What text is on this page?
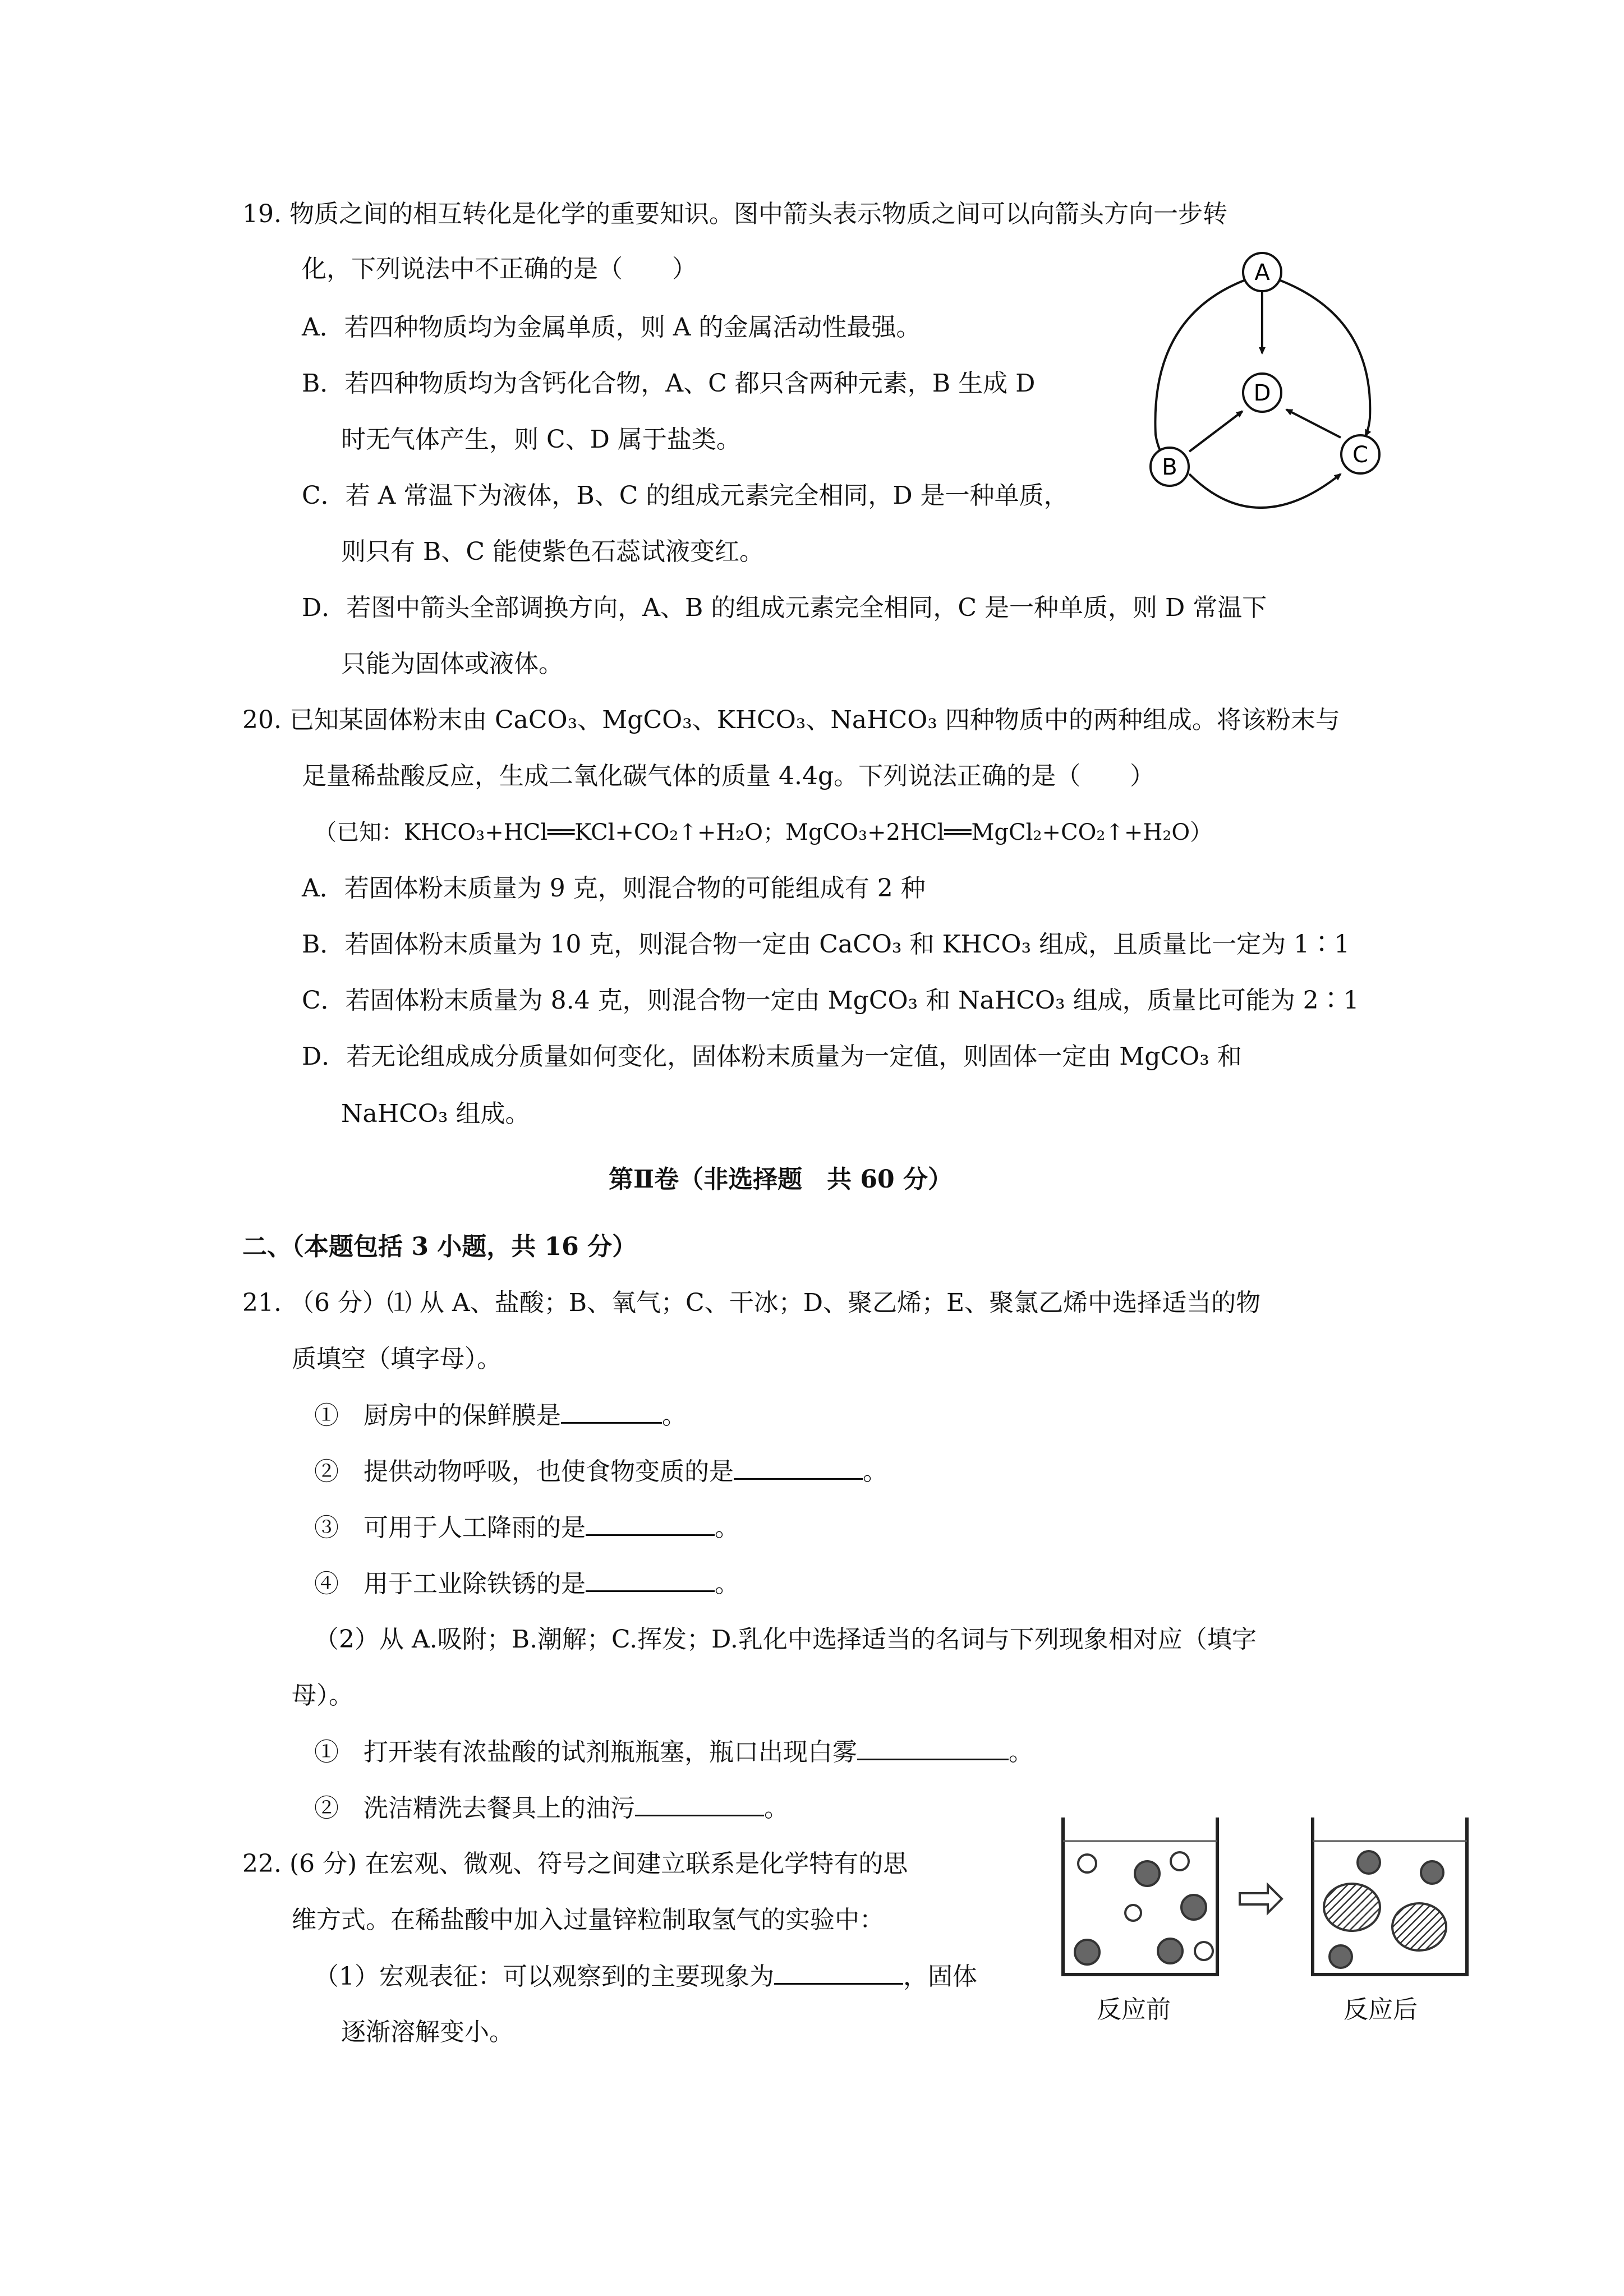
19. 物质之间的相互转化是化学的重要知识。图中箭头表示物质之间可以向箭头方向一步转
化，下列说法中不正确的是（　　）
A．若四种物质均为金属单质，则 A 的金属活动性最强。
B．若四种物质均为含钙化合物，A、C 都只含两种元素，B 生成 D
时无气体产生，则 C、D 属于盐类。
C．若 A 常温下为液体，B、C 的组成元素完全相同，D 是一种单质，
则只有 B、C 能使紫色石蕊试液变红。
D．若图中箭头全部调换方向，A、B 的组成元素完全相同，C 是一种单质，则 D 常温下
只能为固体或液体。
A
D
B	C
20. 已知某固体粉末由 CaCO₃、MgCO₃、KHCO₃、NaHCO₃ 四种物质中的两种组成。将该粉末与
足量稀盐酸反应，生成二氧化碳气体的质量 4.4g。下列说法正确的是（　　）
（已知：KHCO₃+HCl══KCl+CO₂↑+H₂O；MgCO₃+2HCl══MgCl₂+CO₂↑+H₂O）
A．若固体粉末质量为 9 克，则混合物的可能组成有 2 种
B．若固体粉末质量为 10 克，则混合物一定由 CaCO₃ 和 KHCO₃ 组成，且质量比一定为 1∶1
C．若固体粉末质量为 8.4 克，则混合物一定由 MgCO₃ 和 NaHCO₃ 组成，质量比可能为 2∶1
D．若无论组成成分质量如何变化，固体粉末质量为一定值，则固体一定由 MgCO₃ 和
NaHCO₃ 组成。
第Ⅱ卷（非选择题　共 60 分）
二、（本题包括 3 小题，共 16 分）
21. （6 分）⑴ 从 A、盐酸；B、氧气；C、干冰；D、聚乙烯；E、聚氯乙烯中选择适当的物
质填空（填字母）。
①　厨房中的保鲜膜是	。
②　提供动物呼吸，也使食物变质的是	。
③　可用于人工降雨的是	。
④　用于工业除铁锈的是	。
（2）从 A.吸附；B.潮解；C.挥发；D.乳化中选择适当的名词与下列现象相对应（填字
母）。
①　打开装有浓盐酸的试剂瓶瓶塞，瓶口出现白雾	。
②　洗洁精洗去餐具上的油污	。
22. (6 分) 在宏观、微观、符号之间建立联系是化学特有的思
维方式。在稀盐酸中加入过量锌粒制取氢气的实验中：
（1）宏观表征：可以观察到的主要现象为	，固体
逐渐溶解变小。
反应前	反应后
